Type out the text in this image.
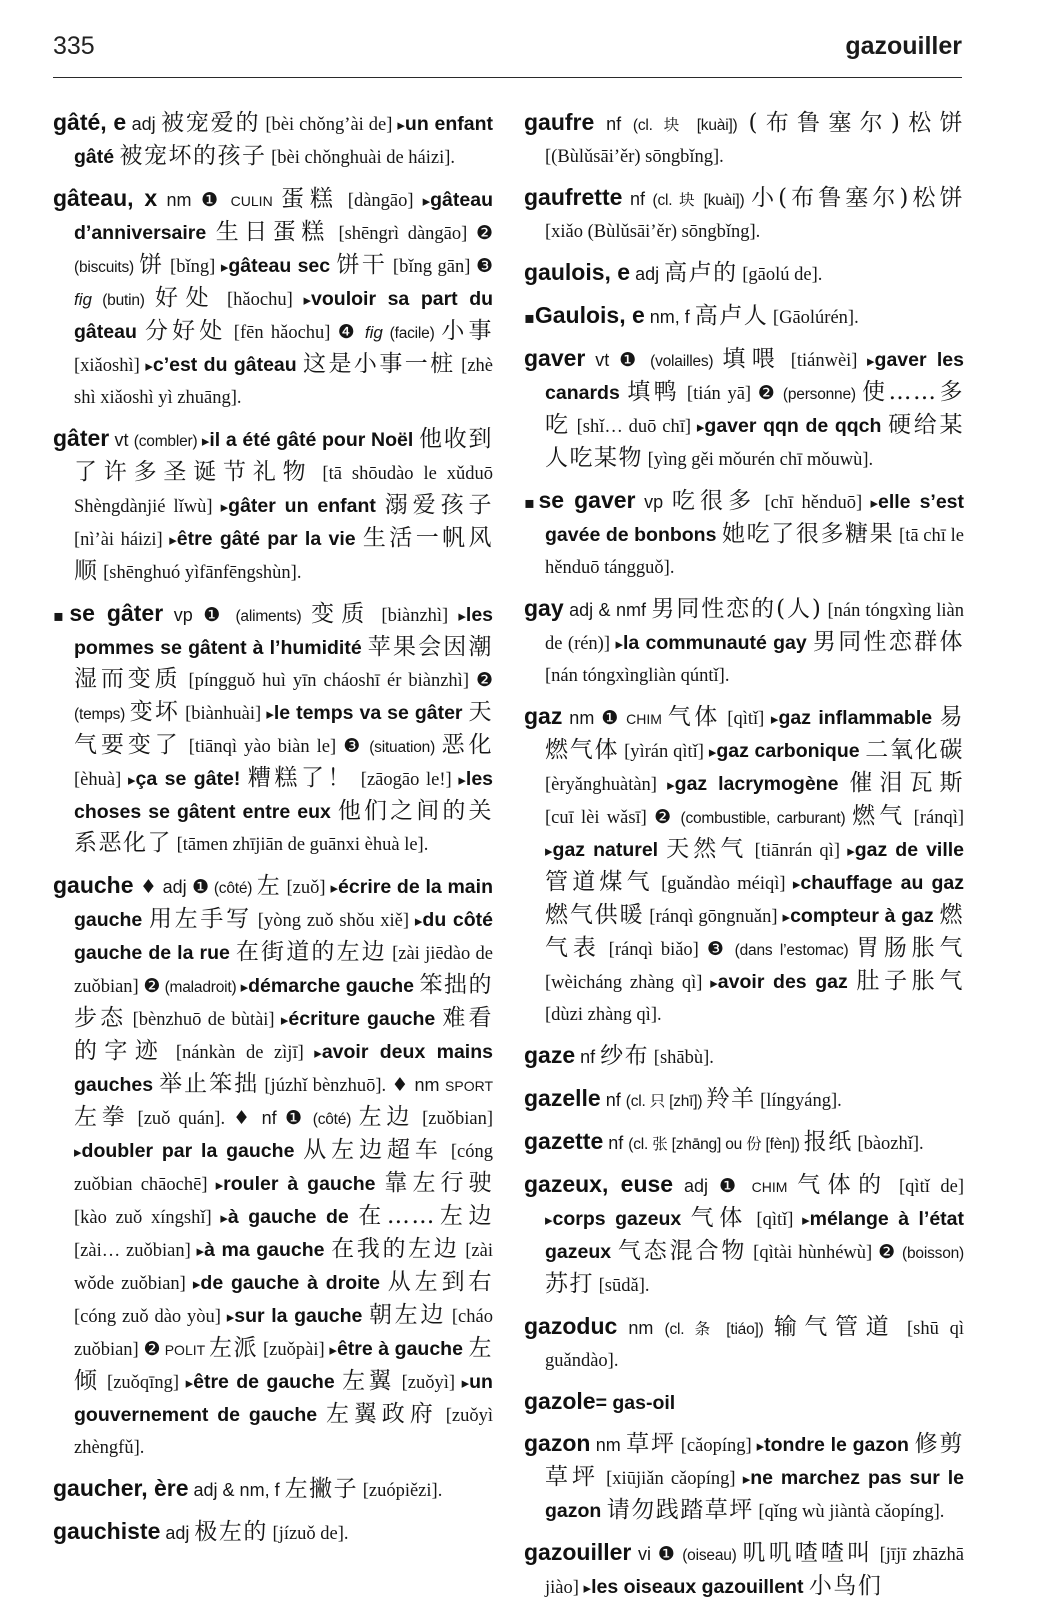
335	gazouiller

gâté, e adj 被宠爱的 [bèi chǒng’ài de] ▸un enfant gâté 被宠坏的孩子 [bèi chǒnghuài de háizi].

gâteau, x nm ❶ CULIN 蛋糕 [dàngāo] ▸gâteau d’anniversaire 生日蛋糕 [shēngrì dàngāo] ❷ (biscuits) 饼 [bǐng] ▸gâteau sec 饼干 [bǐng gān] ❸ fig (butin) 好处 [hǎochu] ▸vouloir sa part du gâteau 分好处 [fēn hǎochu] ❹ fig (facile) 小事 [xiǎoshì] ▸c’est du gâteau 这是小事一桩 [zhè shì xiǎoshì yì zhuāng].

gâter vt (combler) ▸il a été gâté pour Noël 他收到了许多圣诞节礼物 [tā shōudào le xǔduō Shèngdànjié lǐwù] ▸gâter un enfant 溺爱孩子 [nì’ài háizi] ▸être gâté par la vie 生活一帆风顺 [shēnghuó yìfānfēngshùn].

▪se gâter vp ❶ (aliments) 变质 [biànzhì] ▸les pommes se gâtent à l’humidité 苹果会因潮湿而变质 [píngguǒ huì yīn cháoshī ér biànzhì] ❷ (temps) 变坏 [biànhuài] ▸le temps va se gâter 天气要变了 [tiānqì yào biàn le] ❸ (situation) 恶化 [èhuà] ▸ça se gâte! 糟糕了！ [zāogāo le!] ▸les choses se gâtent entre eux 他们之间的关系恶化了 [tāmen zhījiān de guānxi èhuà le].

gauche ♦ adj ❶ (côté) 左 [zuǒ] ▸écrire de la main gauche 用左手写 [yòng zuǒ shǒu xiě] ▸du côté gauche de la rue 在街道的左边 [zài jiēdào de zuǒbian] ❷ (maladroit) ▸démarche gauche 笨拙的步态 [bènzhuō de bùtài] ▸écriture gauche 难看的字迹 [nánkàn de zìjī] ▸avoir deux mains gauches 举止笨拙 [júzhǐ bènzhuō]. ♦ nm SPORT 左拳 [zuǒ quán]. ♦ nf ❶ (côté) 左边 [zuǒbian] ▸doubler par la gauche 从左边超车 [cóng zuǒbian chāochē] ▸rouler à gauche 靠左行驶 [kào zuǒ xíngshǐ] ▸à gauche de 在……左边 [zài… zuǒbian] ▸à ma gauche 在我的左边 [zài wǒde zuǒbian] ▸de gauche à droite 从左到右 [cóng zuǒ dào yòu] ▸sur la gauche 朝左边 [cháo zuǒbian] ❷ POLIT 左派 [zuǒpài] ▸être à gauche 左倾 [zuǒqīng] ▸être de gauche 左翼 [zuǒyì] ▸un gouvernement de gauche 左翼政府 [zuǒyì zhèngfǔ].

gaucher, ère adj & nm, f 左撇子 [zuópiězi].

gauchiste adj 极左的 [jízuǒ de].

gaufre nf (cl. 块 [kuài]) (布鲁塞尔)松饼 [(Bùlǔsāi’ěr) sōngbǐng].

gaufrette nf (cl. 块 [kuài]) 小(布鲁塞尔)松饼 [xiǎo (Bùlǔsāi’ěr) sōngbǐng].

gaulois, e adj 高卢的 [gāolú de].

▪Gaulois, e nm, f 高卢人 [Gāolúrén].

gaver vt ❶ (volailles) 填喂 [tiánwèi] ▸gaver les canards 填鸭 [tián yā] ❷ (personne) 使……多吃 [shǐ… duō chī] ▸gaver qqn de qqch 硬给某人吃某物 [yìng gěi mǒurén chī mǒuwù].

▪se gaver vp 吃很多 [chī hěnduō] ▸elle s’est gavée de bonbons 她吃了很多糖果 [tā chī le hěnduō tángguǒ].

gay adj & nmf 男同性恋的(人) [nán tóngxìng liàn de (rén)] ▸la communauté gay 男同性恋群体 [nán tóngxìngliàn qúntǐ].

gaz nm ❶ CHIM 气体 [qìtǐ] ▸gaz inflammable 易燃气体 [yìrán qìtǐ] ▸gaz carbonique 二氧化碳 [èryǎnghuàtàn] ▸gaz lacrymogène 催泪瓦斯 [cuī lèi wǎsī] ❷ (combustible, carburant) 燃气 [ránqì] ▸gaz naturel 天然气 [tiānrán qì] ▸gaz de ville 管道煤气 [guǎndào méiqì] ▸chauffage au gaz 燃气供暖 [ránqì gōngnuǎn] ▸compteur à gaz 燃气表 [ránqì biǎo] ❸ (dans l’estomac) 胃肠胀气 [wèicháng zhàng qì] ▸avoir des gaz 肚子胀气 [dùzi zhàng qì].

gaze nf 纱布 [shābù].

gazelle nf (cl. 只 [zhī]) 羚羊 [língyáng].

gazette nf (cl. 张 [zhāng] ou 份 [fèn]) 报纸 [bàozhǐ].

gazeux, euse adj ❶ CHIM 气体的 [qìtǐ de] ▸corps gazeux 气体 [qìtǐ] ▸mélange à l’état gazeux 气态混合物 [qìtài hùnhéwù] ❷ (boisson) 苏打 [sūdǎ].

gazoduc nm (cl. 条 [tiáo]) 输气管道 [shū qì guǎndào].

gazole= gas-oil

gazon nm 草坪 [cǎopíng] ▸tondre le gazon 修剪草坪 [xiūjiǎn cǎopíng] ▸ne marchez pas sur le gazon 请勿践踏草坪 [qǐng wù jiàntà cǎopíng].

gazouiller vi ❶ (oiseau) 叽叽喳喳叫 [jījī zhāzhā jiào] ▸les oiseaux gazouillent 小鸟们
